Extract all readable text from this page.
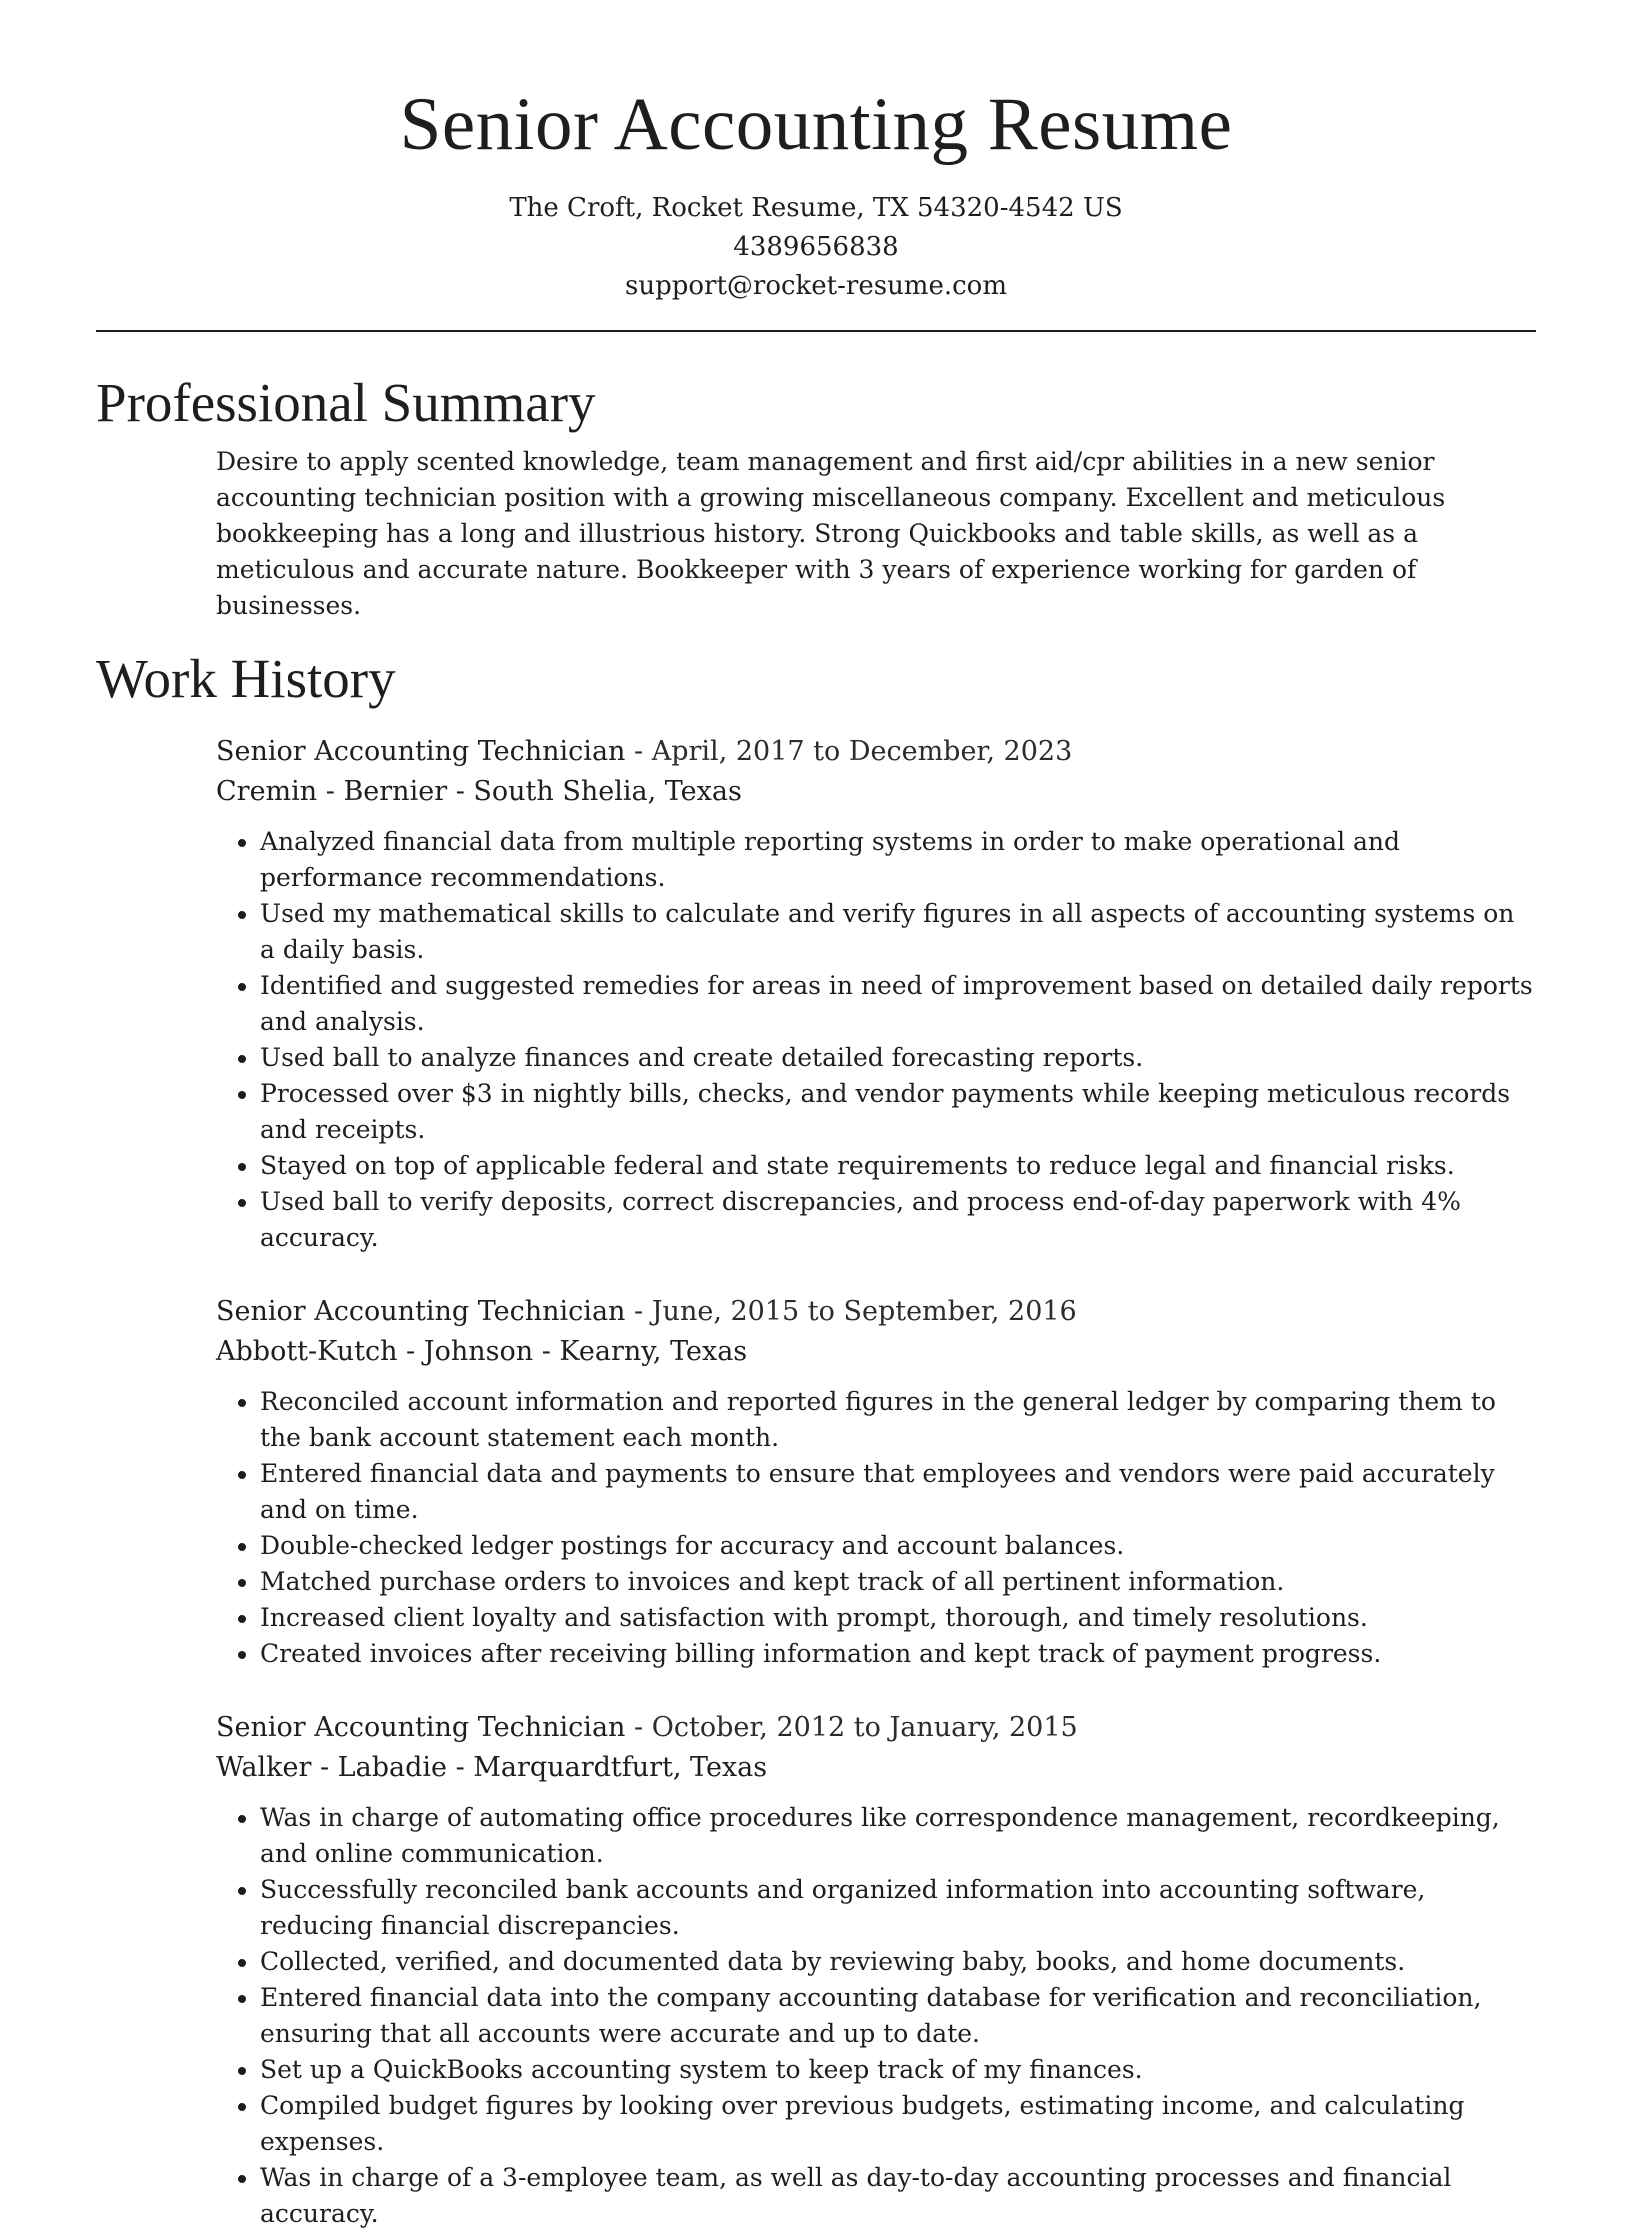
Senior Accounting Resume
The Croft, Rocket Resume, TX 54320-4542 US
4389656838
support@rocket-resume.com
Professional Summary

Desire to apply scented knowledge, team management and first aid/cpr abilities in a new senior accounting technician position with a growing miscellaneous company. Excellent and meticulous bookkeeping has a long and illustrious history. Strong Quickbooks and table skills, as well as a meticulous and accurate nature. Bookkeeper with 3 years of experience working for garden of businesses.

Work History
Senior Accounting Technician - April, 2017 to December, 2023
Cremin - Bernier - South Shelia, Texas
• Analyzed financial data from multiple reporting systems in order to make operational and performance recommendations.
• Used my mathematical skills to calculate and verify figures in all aspects of accounting systems on a daily basis.
• Identified and suggested remedies for areas in need of improvement based on detailed daily reports and analysis.
• Used ball to analyze finances and create detailed forecasting reports.
• Processed over $3 in nightly bills, checks, and vendor payments while keeping meticulous records and receipts.
• Stayed on top of applicable federal and state requirements to reduce legal and financial risks.
• Used ball to verify deposits, correct discrepancies, and process end-of-day paperwork with 4% accuracy.
Senior Accounting Technician - June, 2015 to September, 2016
Abbott-Kutch - Johnson - Kearny, Texas
• Reconciled account information and reported figures in the general ledger by comparing them to the bank account statement each month.
• Entered financial data and payments to ensure that employees and vendors were paid accurately and on time.
• Double-checked ledger postings for accuracy and account balances.
• Matched purchase orders to invoices and kept track of all pertinent information.
• Increased client loyalty and satisfaction with prompt, thorough, and timely resolutions.
• Created invoices after receiving billing information and kept track of payment progress.
Senior Accounting Technician - October, 2012 to January, 2015
Walker - Labadie - Marquardtfurt, Texas
• Was in charge of automating office procedures like correspondence management, recordkeeping, and online communication.
• Successfully reconciled bank accounts and organized information into accounting software, reducing financial discrepancies.
• Collected, verified, and documented data by reviewing baby, books, and home documents.
• Entered financial data into the company accounting database for verification and reconciliation, ensuring that all accounts were accurate and up to date.
• Set up a QuickBooks accounting system to keep track of my finances.
• Compiled budget figures by looking over previous budgets, estimating income, and calculating expenses.
• Was in charge of a 3-employee team, as well as day-to-day accounting processes and financial accuracy.
